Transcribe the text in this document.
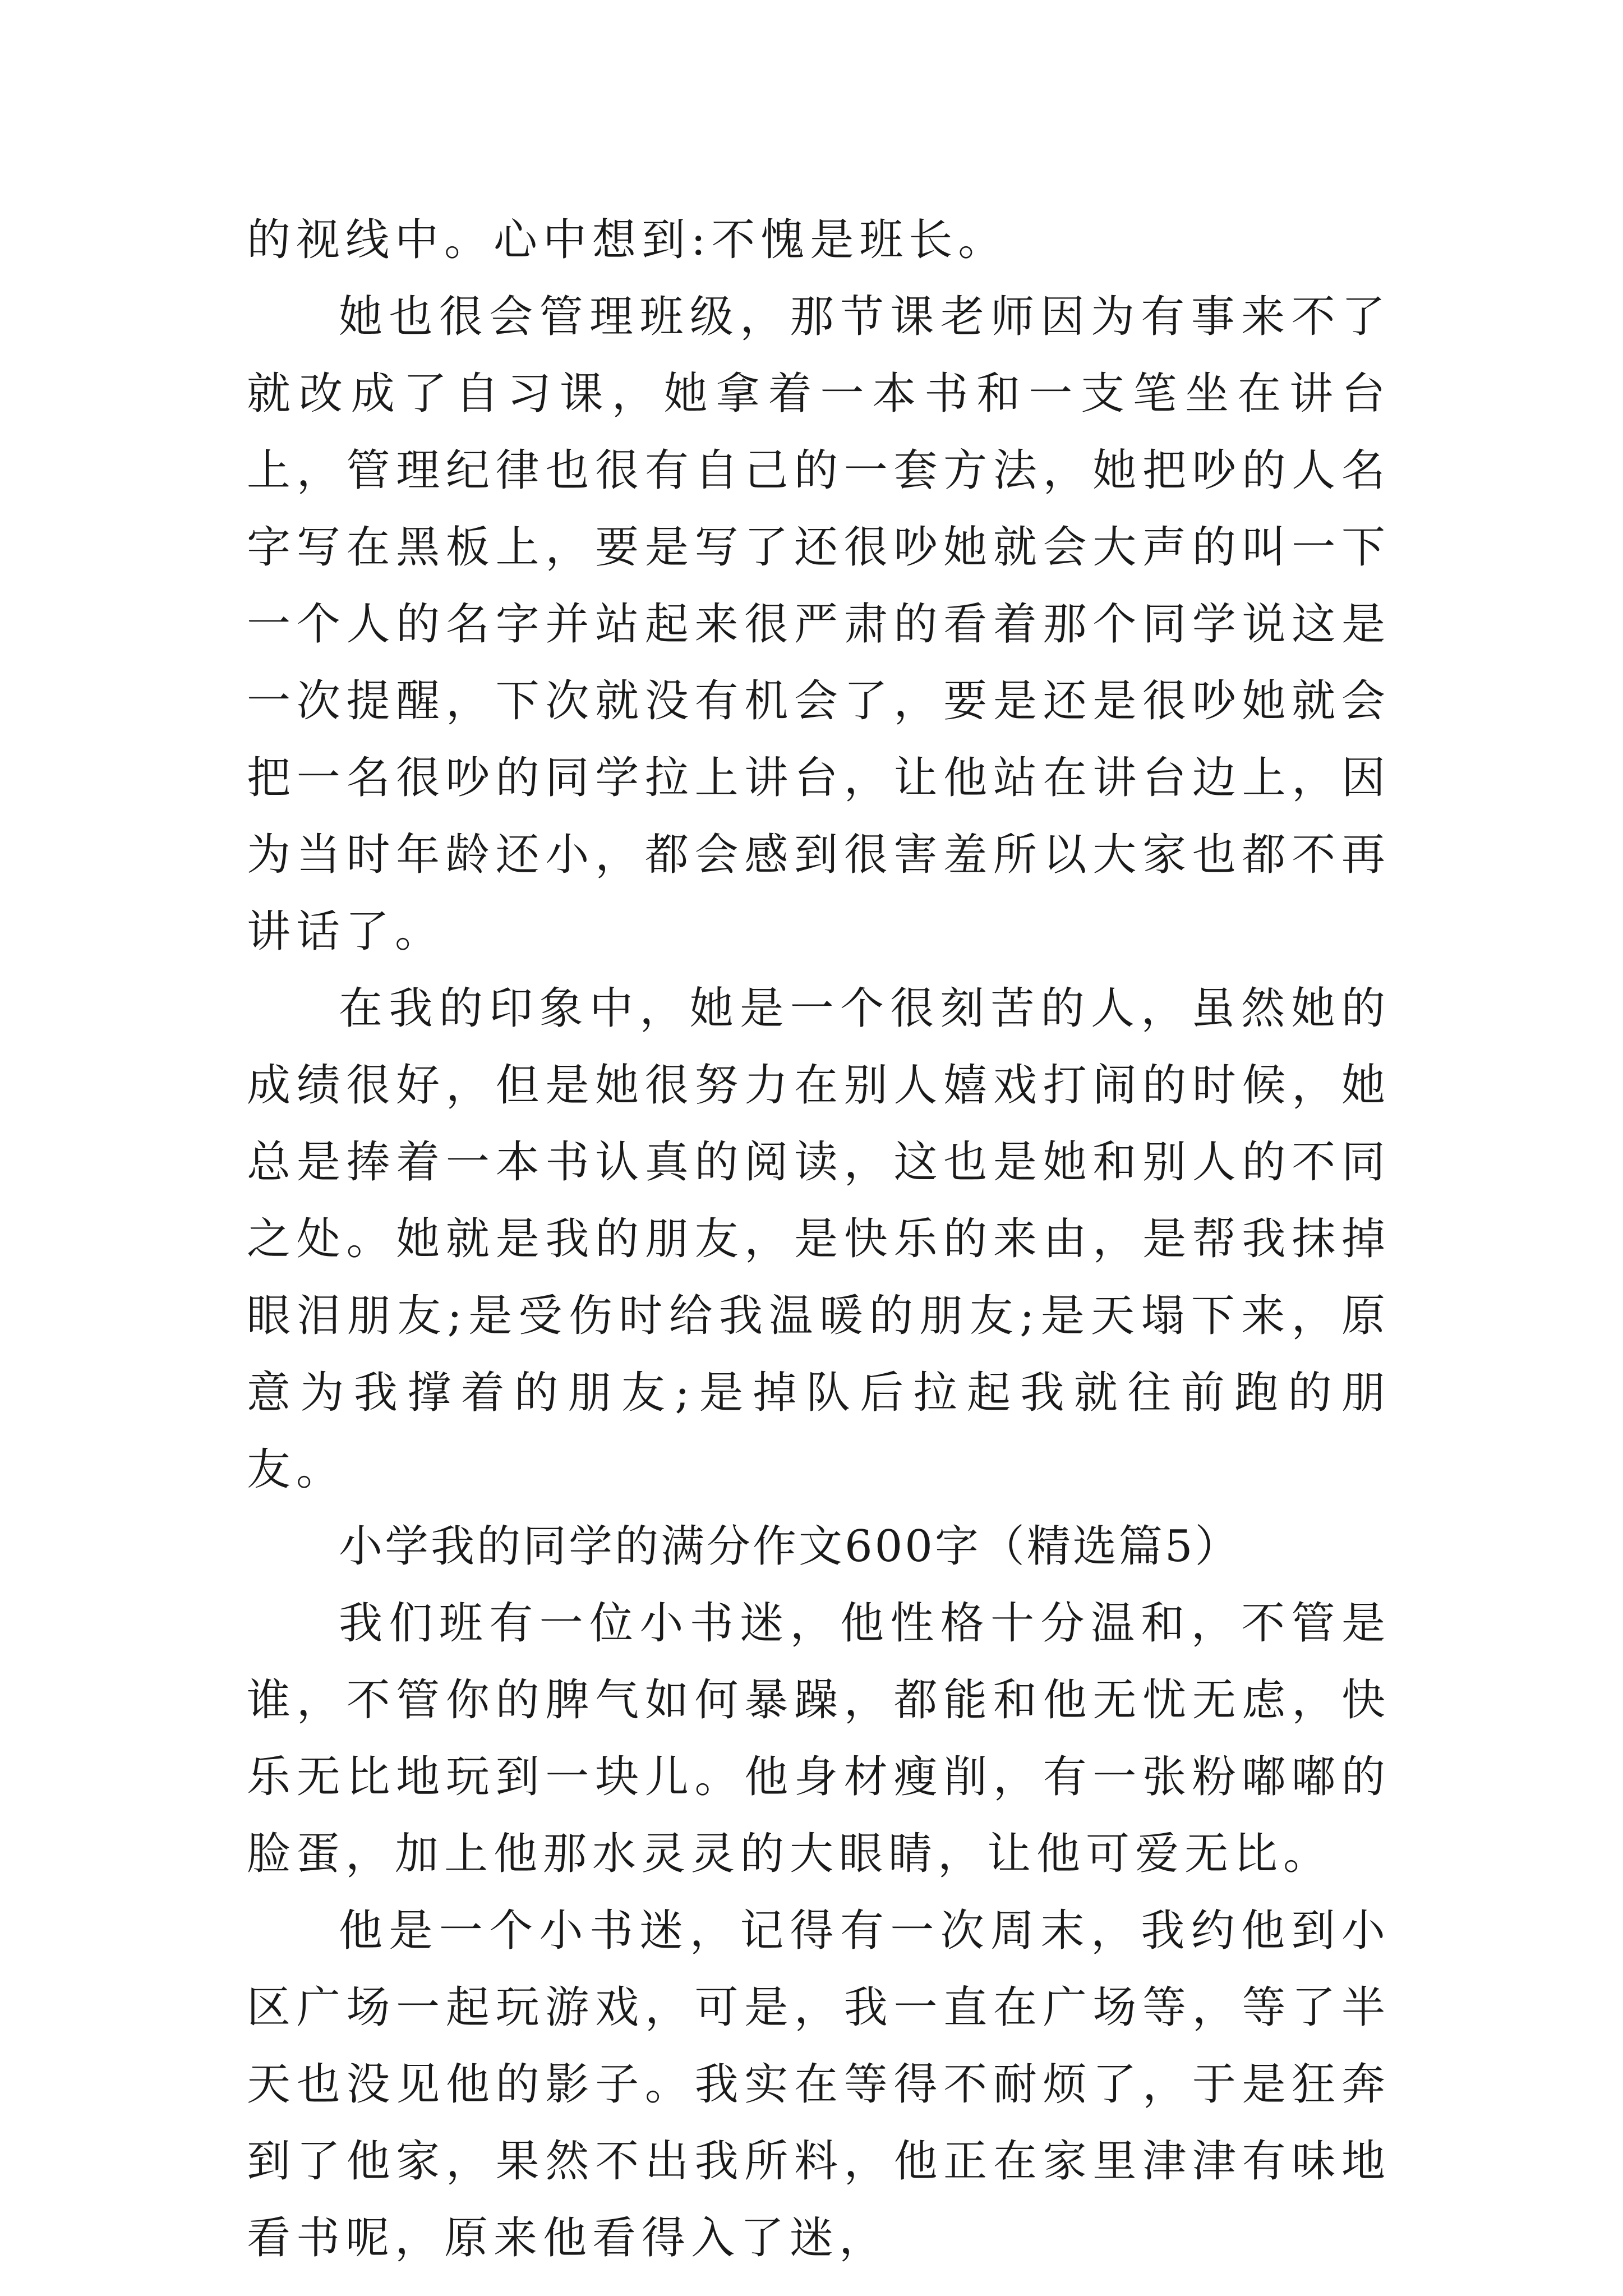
的视线中。心中想到:不愧是班长。

她也很会管理班级，那节课老师因为有事来不了就改成了自习课，她拿着一本书和一支笔坐在讲台上，管理纪律也很有自己的一套方法，她把吵的人名字写在黑板上，要是写了还很吵她就会大声的叫一下一个人的名字并站起来很严肃的看着那个同学说这是一次提醒，下次就没有机会了，要是还是很吵她就会把一名很吵的同学拉上讲台，让他站在讲台边上，因为当时年龄还小，都会感到很害羞所以大家也都不再讲话了。

在我的印象中，她是一个很刻苦的人，虽然她的成绩很好，但是她很努力在别人嬉戏打闹的时候，她总是捧着一本书认真的阅读，这也是她和别人的不同之处。她就是我的朋友，是快乐的来由，是帮我抹掉眼泪朋友;是受伤时给我温暖的朋友;是天塌下来，原意为我撑着的朋友;是掉队后拉起我就往前跑的朋友。

小学我的同学的满分作文600字（精选篇5）

我们班有一位小书迷，他性格十分温和，不管是谁，不管你的脾气如何暴躁，都能和他无忧无虑，快乐无比地玩到一块儿。他身材瘦削，有一张粉嘟嘟的脸蛋，加上他那水灵灵的大眼睛，让他可爱无比。

他是一个小书迷，记得有一次周末，我约他到小区广场一起玩游戏，可是，我一直在广场等，等了半天也没见他的影子。我实在等得不耐烦了，于是狂奔到了他家，果然不出我所料，他正在家里津津有味地看书呢，原来他看得入了迷，
